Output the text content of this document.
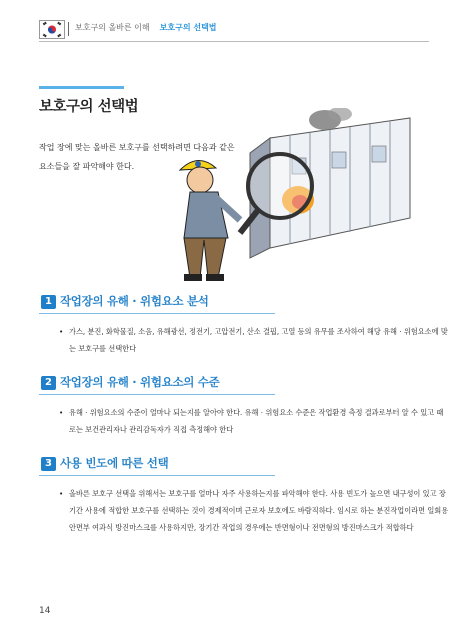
보호구의 올바른 이해 보호구의 선택법
보호구의 선택법
작업 장에 맞는 올바른 보호구를 선택하려면 다음과 같은 요소들을 잘 파악해야 한다.
1 작업장의 유해 · 위험요소 분석
• 가스, 분진, 화학물질, 소음, 유해광선, 정전기, 고압전기, 산소 결핍, 고열 등의 유무를 조사하여 해당 유해 · 위험요소에 맞는 보호구를 선택한다
2 작업장의 유해 · 위험요소의 수준
• 유해 · 위험요소의 수준이 얼마나 되는지를 알아야 한다. 유해 · 위험요소 수준은 작업환경 측정 결과로부터 알 수 있고 때로는 보건관리자나 관리감독자가 직접 측정해야 한다
3 사용 빈도에 따른 선택
• 올바른 보호구 선택을 위해서는 보호구를 얼마나 자주 사용하는지를 파악해야 한다. 사용 빈도가 높으면 내구성이 있고 장기간 사용에 적합한 보호구를 선택하는 것이 경제적이며 근로자 보호에도 바람직하다. 임시로 하는 분진작업이라면 일회용 안면부 여과식 방진마스크를 사용하지만, 장기간 작업의 경우에는 반면형이나 전면형의 방진마스크가 적합하다
14
